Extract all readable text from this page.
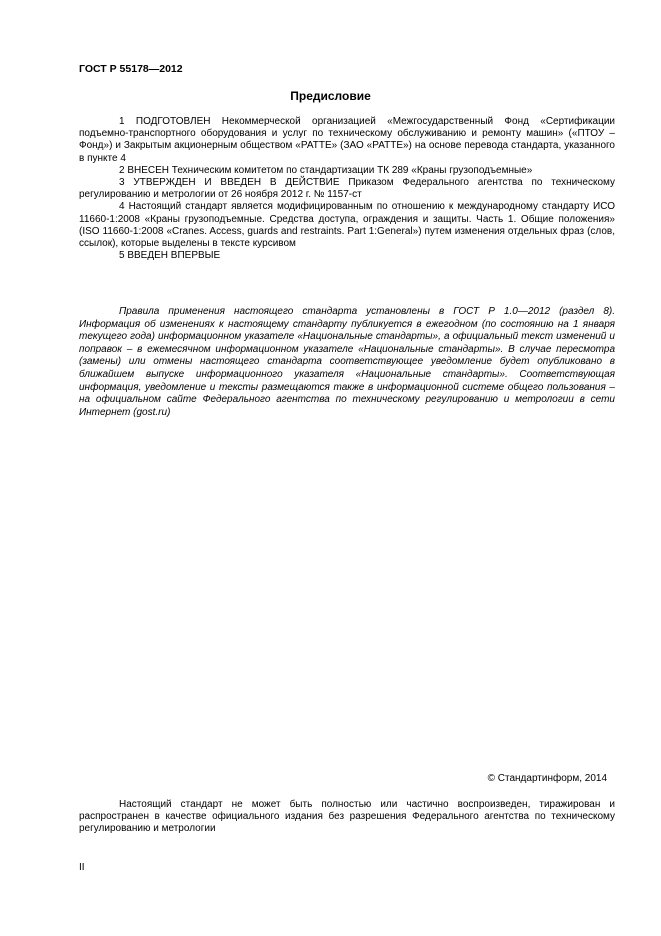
ГОСТ Р 55178—2012
Предисловие

1 ПОДГОТОВЛЕН Некоммерческой организацией «Межгосударственный Фонд «Сертификации подъемно-транспортного оборудования и услуг по техническому обслуживанию и ремонту машин» («ПТОУ – Фонд») и Закрытым акционерным обществом «РАТТЕ» (ЗАО «РАТТЕ») на основе перевода стандарта, указанного в пункте 4

2 ВНЕСЕН Техническим комитетом по стандартизации ТК 289 «Краны грузоподъемные»

3 УТВЕРЖДЕН И ВВЕДЕН В ДЕЙСТВИЕ Приказом Федерального агентства по техническому регулированию и метрологии от 26 ноября 2012 г. № 1157-ст

4 Настоящий стандарт является модифицированным по отношению к международному стандарту ИСО 11660-1:2008 «Краны грузоподъемные. Средства доступа, ограждения и защиты. Часть 1. Общие положения» (ISO 11660-1:2008 «Cranes. Access, guards and restraints. Part 1:General») путем изменения отдельных фраз (слов, ссылок), которые выделены в тексте курсивом

5 ВВЕДЕН ВПЕРВЫЕ

Правила применения настоящего стандарта установлены в ГОСТ Р 1.0—2012 (раздел 8). Информация об изменениях к настоящему стандарту публикуется в ежегодном (по состоянию на 1 января текущего года) информационном указателе «Национальные стандарты», а официальный текст изменений и поправок – в ежемесячном информационном указателе «Национальные стандарты». В случае пересмотра (замены) или отмены настоящего стандарта соответствующее уведомление будет опубликовано в ближайшем выпуске информационного указателя «Национальные стандарты». Соответствующая информация, уведомление и тексты размещаются также в информационной системе общего пользования – на официальном сайте Федерального агентства по техническому регулированию и метрологии в сети Интернет (gost.ru)

© Стандартинформ, 2014

Настоящий стандарт не может быть полностью или частично воспроизведен, тиражирован и распространен в качестве официального издания без разрешения Федерального агентства по техническому регулированию и метрологии

II
